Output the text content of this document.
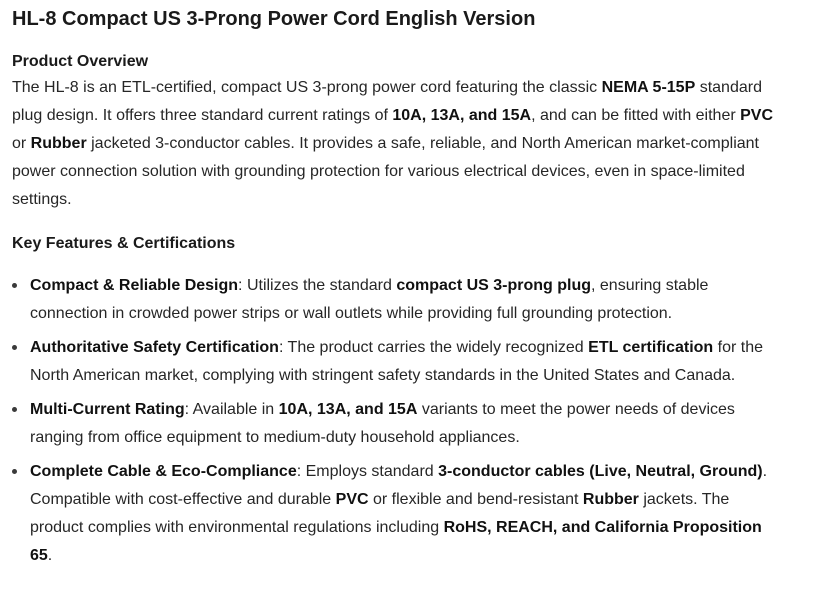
HL-8 Compact US 3-Prong Power Cord English Version
Product Overview

The HL-8 is an ETL-certified, compact US 3-prong power cord featuring the classic NEMA 5-15P standard plug design. It offers three standard current ratings of 10A, 13A, and 15A, and can be fitted with either PVC or Rubber jacketed 3-conductor cables. It provides a safe, reliable, and North American market-compliant power connection solution with grounding protection for various electrical devices, even in space-limited settings.

Key Features & Certifications
Compact & Reliable Design: Utilizes the standard compact US 3-prong plug, ensuring stable connection in crowded power strips or wall outlets while providing full grounding protection.
Authoritative Safety Certification: The product carries the widely recognized ETL certification for the North American market, complying with stringent safety standards in the United States and Canada.
Multi-Current Rating: Available in 10A, 13A, and 15A variants to meet the power needs of devices ranging from office equipment to medium-duty household appliances.
Complete Cable & Eco-Compliance: Employs standard 3-conductor cables (Live, Neutral, Ground). Compatible with cost-effective and durable PVC or flexible and bend-resistant Rubber jackets. The product complies with environmental regulations including RoHS, REACH, and California Proposition 65.
